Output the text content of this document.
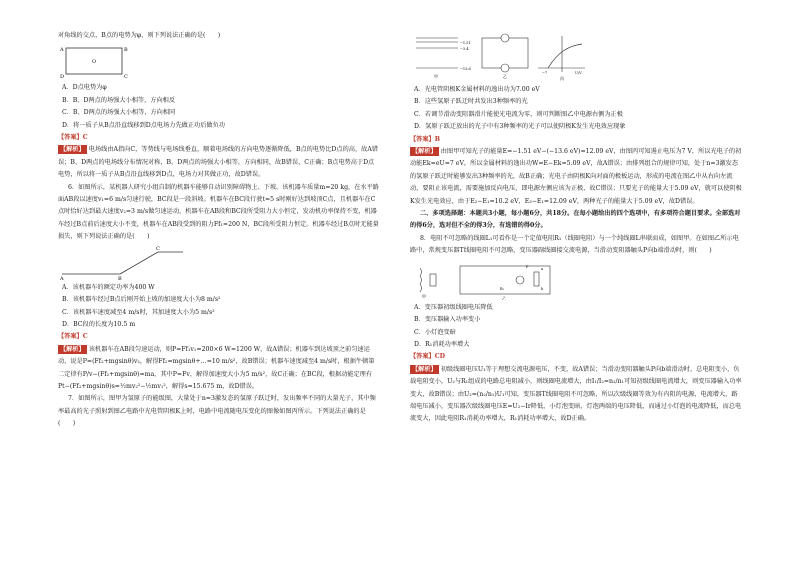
对角线的交点，B点的电势为φ，则下列说法正确的是(　　)

A	B
C
D
O

A．D点电势为φ

B．B、D两点的场强大小相等，方向相反

C．B、D两点的场强大小相等，方向相同

D．将一质子从B点沿直线移到D点电场力先做正功后做负功

【答案】C

【解析】 电场线由A指向C，等势线与电场线垂直，顺着电场线的方向电势逐渐降低，B点的电势比D点的高，故A错误；B、D两点的电场线分布情况对称，B、D两点的场强大小相等，方向相同，故B错误，C正确；B点电势高于D点电势，所以将一质子从B点沿直线移到D点，电场力对其做正功，故D错误。

6．如图所示，某机器人研究小组自制的机器车能够自动识别障碍物上、下坡。该机器车质量m=20 kg，在水平路面AB段以速度v₁=6 m/s匀速行驶，BC段是一段斜坡。机器车在BC段行驶t=5 s时刚好达到坡顶C点，且机器车在C点时恰好达到最大速度v₂=3 m/s做匀速运动，机器车在AB段和BC段所受阻力大小恒定，发动机功率保持不变，机器车经过B点前后速度大小不变，机器车在AB段受到的阻力Ff₁=200 N，BC段所受阻力恒定。机器车经过B点时无能量损失，则下列说法正确的是(　　)

A	B
C

A．该机器车的额定功率为400 W

B．该机器车经过B点后刚开始上坡的加速度大小为8 m/s²

C．该机器车速度减至4 m/s时，其加速度大小为5 m/s²

D．BC段的长度为10.5 m

【答案】C

【解析】 该机器车在AB段匀速运动，则P=Ff₁v₁=200×6 W=1200 W，故A错误；机器车到达坡顶之前匀速运动，说是P=(Ff₂+mgsinθ)v₂，解得Ff₂=mgsinθ+…=10 m/s²，故B错误；机器车速度减至4 m/s时，根据牛顿第二定律有P/v−(Ff₂+mgsinθ)=ma，其中P=Fv，解得加速度大小为5 m/s²，故C正确；在BC段，根据动能定理有Pt−(Ff₂+mgsinθ)s=½mv₂²−½mv₁²，解得s=15.675 m，故D错误。

7．如图所示，图甲为氢原子的能级图，大量处于n=3激发态的氢原子跃迁时，发出频率不同的大量光子，其中频率最高的光子照射到图乙电路中光电管阴极K上时，电路中电流随电压变化的图像如图丙所示。下列说法正确的是(　　)

−1.51
−3.4
−13.6
甲	乙
−7	U/V
丙

A．光电管阴极K金属材料的逸出功为7.00 eV

B．这些氢原子跃迁时共发出3种频率的光

C．若调节滑动变阻器滑片能使光电流为零，则可判断图乙中电源右侧为正极

D．氢原子跃迁放出的光子中有3种频率的光子可以使阴极K发生光电效应现象

【答案】B

【解析】 由图甲可知光子的能量E=−1.51 eV−(−13.6 eV)=12.09 eV，由图丙可知遏止电压为7 V，所以光电子的初动能Ek=eU=7 eV，所以金属材料的逸出功W=E−Ek=5.09 eV，故A错误；由排列组合的规律可知，处于n=3激发态的氢原子跃迁时能够发出3种频率的光，故B正确；光电子由阴极K向对面的极板运动，形成的电流在图乙中从右向左流动，要阻止该电流，需要施加反向电压，即电源左侧应该为正极，故C错误；只要光子的能量大于5.09 eV，就可以使阴极K发生光电效应，由于E₂−E₁=10.2 eV，E₃−E₁=12.09 eV，两种光子的能量大于5.09 eV，故D错误。

二、多项选择题：本题共3小题，每小题6分，共18分。在每小题给出的四个选项中，有多项符合题目要求。全部选对的得6分，选对但不全的得3分，有选错的得0分。

8．电阻不可忽略的线圈L₁可看作是一个定值电阻R₁（线圈电阻）与一个纯线圈L串联而成，如图甲。在如图乙所示电路中，常规变压器T线圈电阻不可忽略，变压器副线圈接交流电源，当滑动变阻器触头P向b端滑动时，则(　　)

甲
R₁
a
b
P
乙

A．变压器初级线圈电压降低

B．变压器输入功率变小

C．小灯泡变暗

D．R₁消耗功率增大

【答案】CD

【解析】 初级线圈电压U₁等于理想交流电源电压，不变，故A错误；当滑动变阻器触头P向b端滑动时，总电阻变小，负载电阻变小，U₂与R₁组成的电路总电阻减小，则线圈电流增大，由I₁/I₂=n₂/n₁可知初级线圈电流增大，则变压器输入功率变大，故B错误；由U₂=(n₂/n₁)U₁可知，变压器T线圈电阻不可忽略，所以次级线圈等效为有内阻的电源，电流增大，路端电压减小，变压器次级线圈电压E=U₂−Ir降低，小灯泡变暗，灯泡两端的电压降低，而通过小灯泡的电流降低，而总电流变大，因此电阻R₁消耗功率增大，R₁消耗功率增大，故D正确。
